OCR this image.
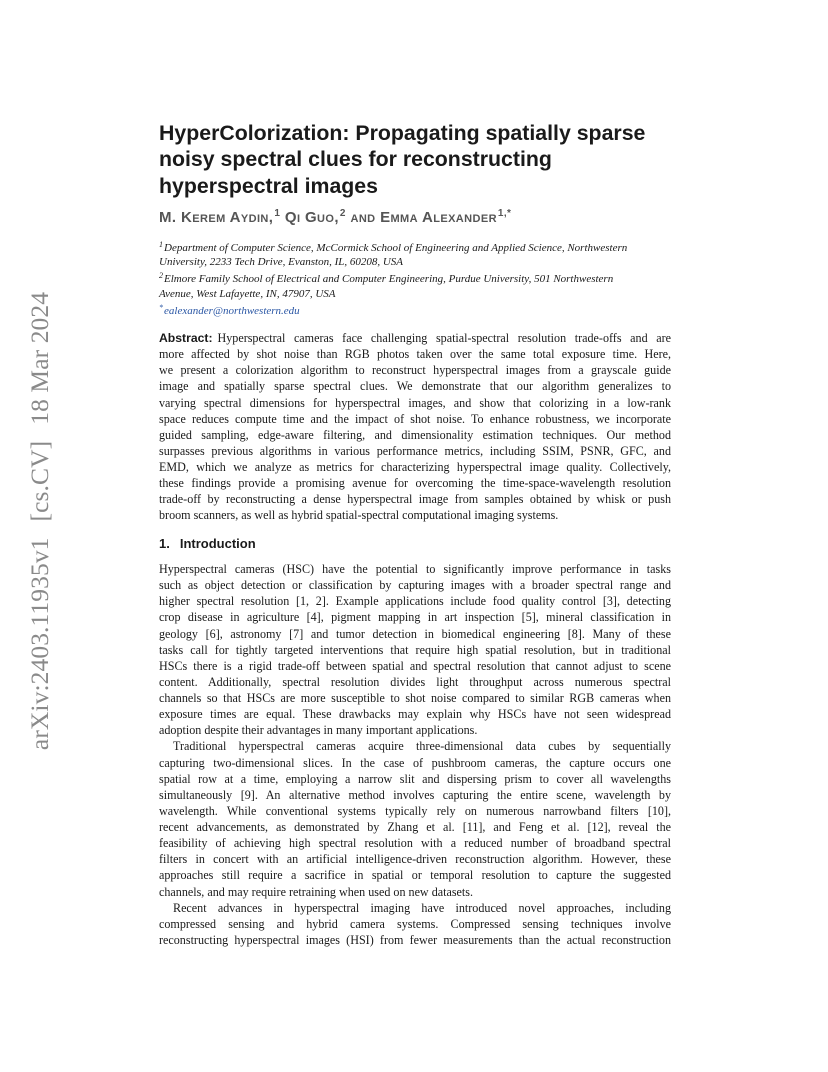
arXiv:2403.11935v1[cs.CV]18 Mar 2024
HyperColorization: Propagating spatially sparse
noisy spectral clues for reconstructing
hyperspectral images
M. Kerem Aydin,$^1$ Qi Guo,$^2$ and Emma Alexander$^{1,*}$
$^1$Department of Computer Science, McCormick School of Engineering and Applied Science, Northwestern
University, 2233 Tech Drive, Evanston, IL, 60208, USA
$^2$Elmore Family School of Electrical and Computer Engineering, Purdue University, 501 Northwestern
Avenue, West Lafayette, IN, 47907, USA
*ealexander@northwestern.edu
Abstract: Hyperspectral cameras face challenging spatial-spectral resolution trade-offs and are
more affected by shot noise than RGB photos taken over the same total exposure time. Here,
we present a colorization algorithm to reconstruct hyperspectral images from a grayscale guide
image and spatially sparse spectral clues. We demonstrate that our algorithm generalizes to
varying spectral dimensions for hyperspectral images, and show that colorizing in a low-rank
space reduces compute time and the impact of shot noise. To enhance robustness, we incorporate
guided sampling, edge-aware filtering, and dimensionality estimation techniques. Our method
surpasses previous algorithms in various performance metrics, including SSIM, PSNR, GFC, and
EMD, which we analyze as metrics for characterizing hyperspectral image quality. Collectively,
these findings provide a promising avenue for overcoming the time-space-wavelength resolution
trade-off by reconstructing a dense hyperspectral image from samples obtained by whisk or push
broom scanners, as well as hybrid spatial-spectral computational imaging systems.
1. Introduction
Hyperspectral cameras (HSC) have the potential to significantly improve performance in tasks
such as object detection or classification by capturing images with a broader spectral range and
higher spectral resolution [1, 2]. Example applications include food quality control [3], detecting
crop disease in agriculture [4], pigment mapping in art inspection [5], mineral classification in
geology [6], astronomy [7] and tumor detection in biomedical engineering [8]. Many of these
tasks call for tightly targeted interventions that require high spatial resolution, but in traditional
HSCs there is a rigid trade-off between spatial and spectral resolution that cannot adjust to scene
content. Additionally, spectral resolution divides light throughput across numerous spectral
channels so that HSCs are more susceptible to shot noise compared to similar RGB cameras when
exposure times are equal. These drawbacks may explain why HSCs have not seen widespread
adoption despite their advantages in many important applications.
Traditional hyperspectral cameras acquire three-dimensional data cubes by sequentially
capturing two-dimensional slices. In the case of pushbroom cameras, the capture occurs one
spatial row at a time, employing a narrow slit and dispersing prism to cover all wavelengths
simultaneously [9]. An alternative method involves capturing the entire scene, wavelength by
wavelength. While conventional systems typically rely on numerous narrowband filters [10],
recent advancements, as demonstrated by Zhang et al. [11], and Feng et al. [12], reveal the
feasibility of achieving high spectral resolution with a reduced number of broadband spectral
filters in concert with an artificial intelligence-driven reconstruction algorithm. However, these
approaches still require a sacrifice in spatial or temporal resolution to capture the suggested
channels, and may require retraining when used on new datasets.
Recent advances in hyperspectral imaging have introduced novel approaches, including
compressed sensing and hybrid camera systems. Compressed sensing techniques involve
reconstructing hyperspectral images (HSI) from fewer measurements than the actual reconstruction
